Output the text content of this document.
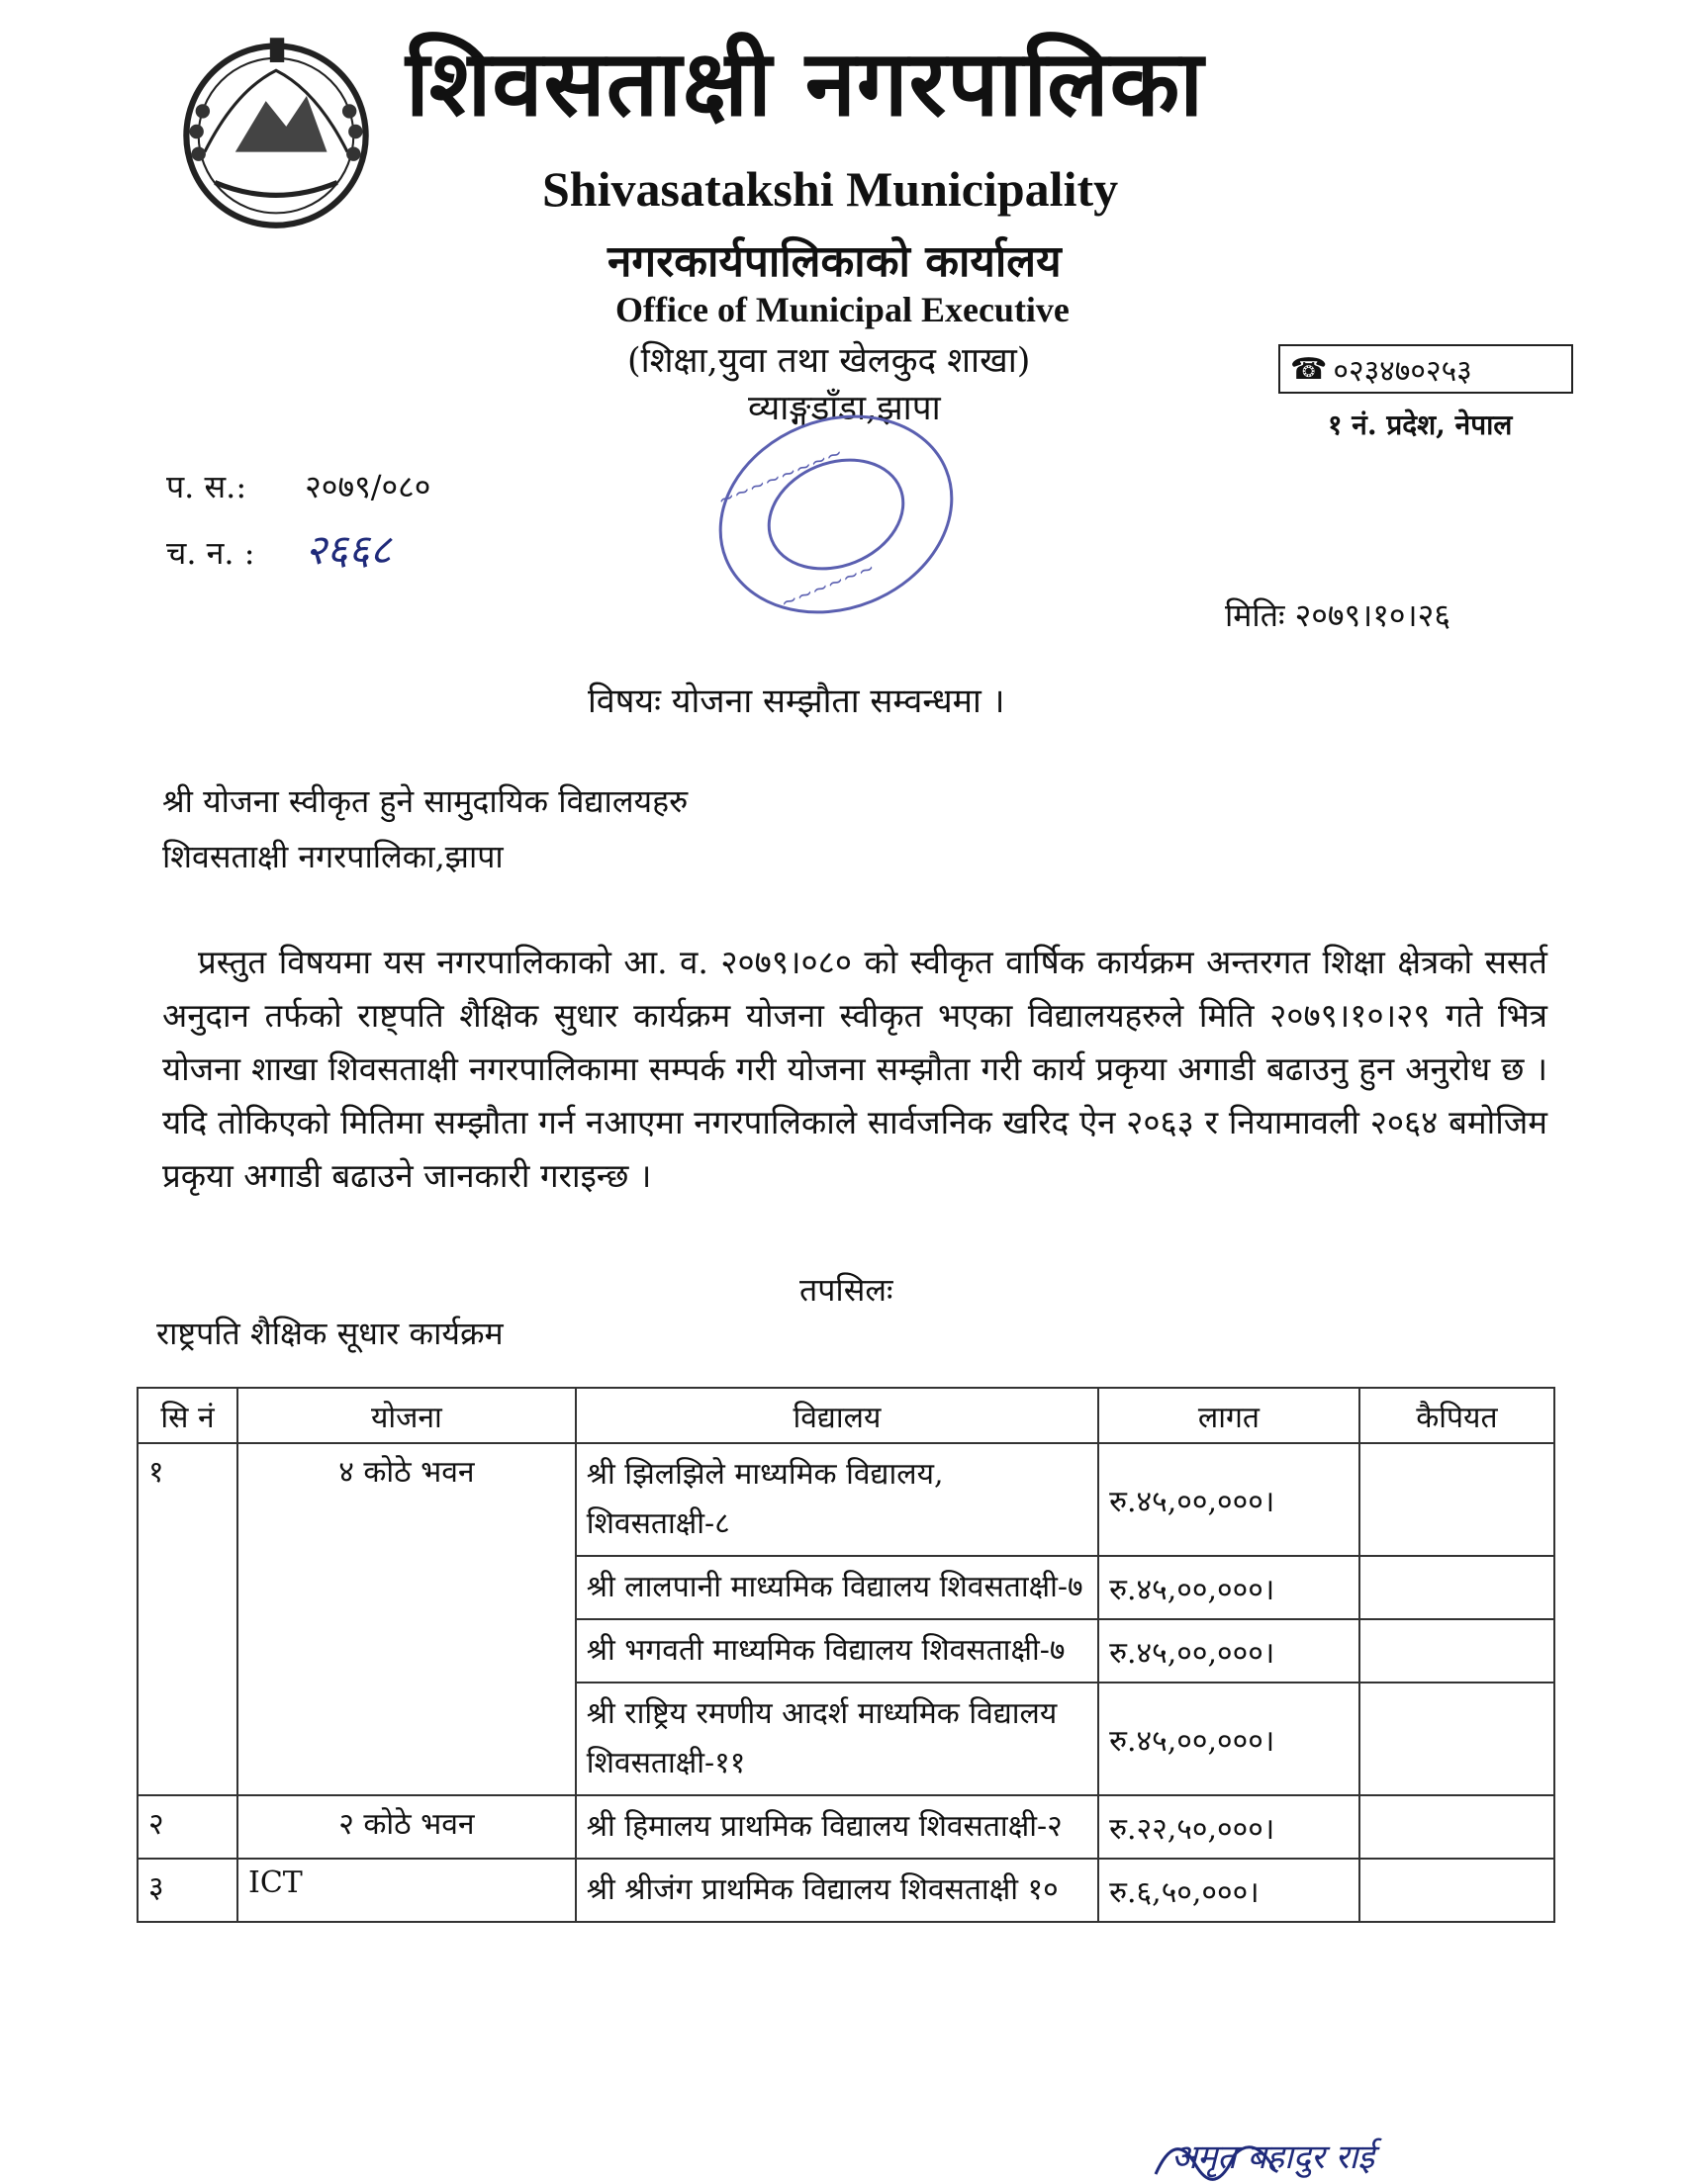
शिवसताक्षी नगरपालिका
Shivasatakshi Municipality
नगरकार्यपालिकाको कार्यालय
Office of Municipal Executive
(शिक्षा,युवा तथा खेलकुद शाखा)
व्याङ्गडाँडा,झापा
☎ ०२३४७०२५३
१ नं. प्रदेश, नेपाल
~~~~~~~~
~~~~~~
प. स.: २०७९/०८०
च. न. : २६६८
मितिः २०७९।१०।२६
विषयः योजना सम्झौता सम्वन्धमा ।
श्री योजना स्वीकृत हुने सामुदायिक विद्यालयहरु
शिवसताक्षी नगरपालिका,झापा
प्रस्तुत विषयमा यस नगरपालिकाको आ. व. २०७९।०८० को स्वीकृत वार्षिक कार्यक्रम अन्तरगत शिक्षा क्षेत्रको ससर्त अनुदान तर्फको राष्ट्पति शैक्षिक सुधार कार्यक्रम योजना स्वीकृत भएका विद्यालयहरुले मिति २०७९।१०।२९ गते भित्र योजना शाखा शिवसताक्षी नगरपालिकामा सम्पर्क गरी योजना सम्झौता गरी कार्य प्रकृया अगाडी बढाउनु हुन अनुरोध छ । यदि तोकिएको मितिमा सम्झौता गर्न नआएमा नगरपालिकाले सार्वजनिक खरिद ऐन २०६३ र नियामावली २०६४ बमोजिम प्रकृया अगाडी बढाउने जानकारी गराइन्छ ।
तपसिलः
राष्ट्रपति शैक्षिक सूधार कार्यक्रम
सि नं	योजना	विद्यालय	लागत	कैपियत
१	४ कोठे भवन	श्री झिलझिले माध्यमिक विद्यालय, शिवसताक्षी-८	रु.४५,००,०००।	
		श्री लालपानी माध्यमिक विद्यालय शिवसताक्षी-७	रु.४५,००,०००।	
		श्री भगवती माध्यमिक विद्यालय शिवसताक्षी-७	रु.४५,००,०००।	
		श्री राष्ट्रिय रमणीय आदर्श माध्यमिक विद्यालय शिवसताक्षी-११	रु.४५,००,०००।	
२	२ कोठे भवन	श्री हिमालय प्राथमिक विद्यालय शिवसताक्षी-२	रु.२२,५०,०००।	
३	ICT	श्री श्रीजंग प्राथमिक विद्यालय शिवसताक्षी १०	रु.६,५०,०००।	
अमृत बहादुर राई
